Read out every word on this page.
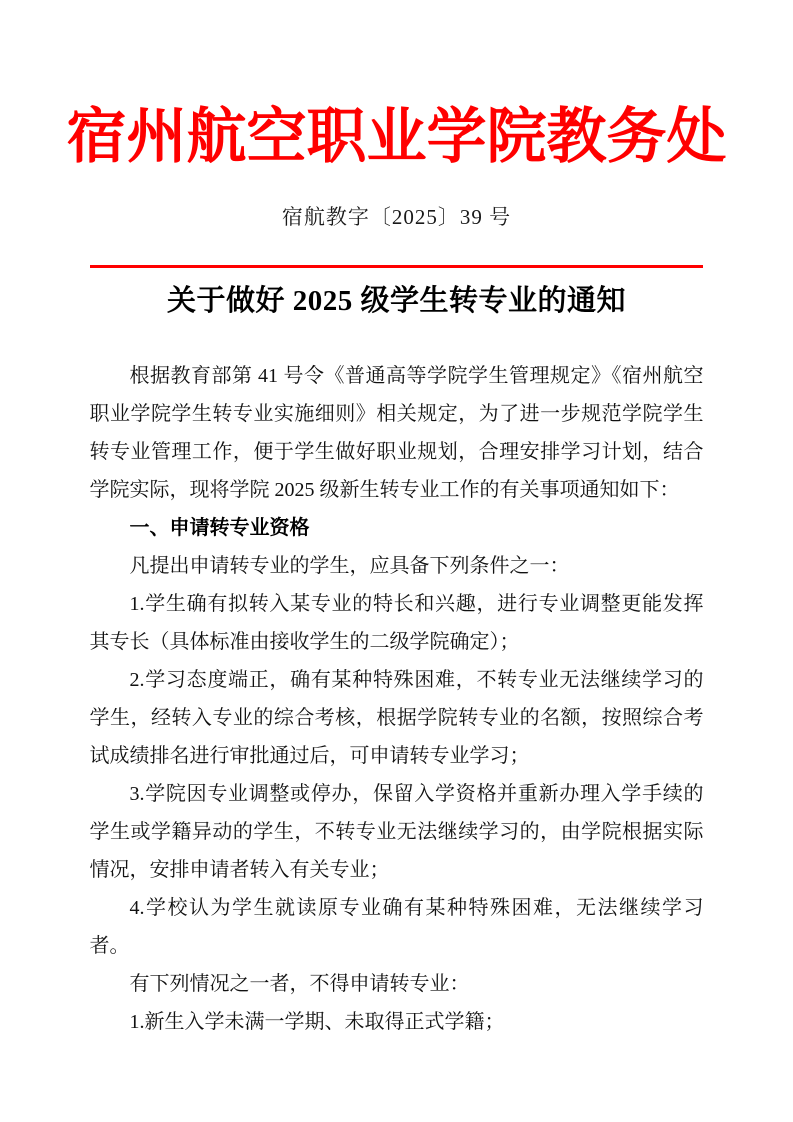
宿州航空职业学院教务处
宿航教字〔2025〕39 号
关于做好 2025 级学生转专业的通知

根据教育部第 41 号令《普通高等学院学生管理规定》《宿州航空职业学院学生转专业实施细则》相关规定，为了进一步规范学院学生转专业管理工作，便于学生做好职业规划，合理安排学习计划，结合学院实际，现将学院 2025 级新生转专业工作的有关事项通知如下：

一、申请转专业资格

凡提出申请转专业的学生，应具备下列条件之一：

1.学生确有拟转入某专业的特长和兴趣，进行专业调整更能发挥其专长（具体标准由接收学生的二级学院确定）；

2.学习态度端正，确有某种特殊困难，不转专业无法继续学习的学生，经转入专业的综合考核，根据学院转专业的名额，按照综合考试成绩排名进行审批通过后，可申请转专业学习；

3.学院因专业调整或停办，保留入学资格并重新办理入学手续的学生或学籍异动的学生，不转专业无法继续学习的，由学院根据实际情况，安排申请者转入有关专业；

4.学校认为学生就读原专业确有某种特殊困难，无法继续学习者。

有下列情况之一者，不得申请转专业：

1.新生入学未满一学期、未取得正式学籍；
